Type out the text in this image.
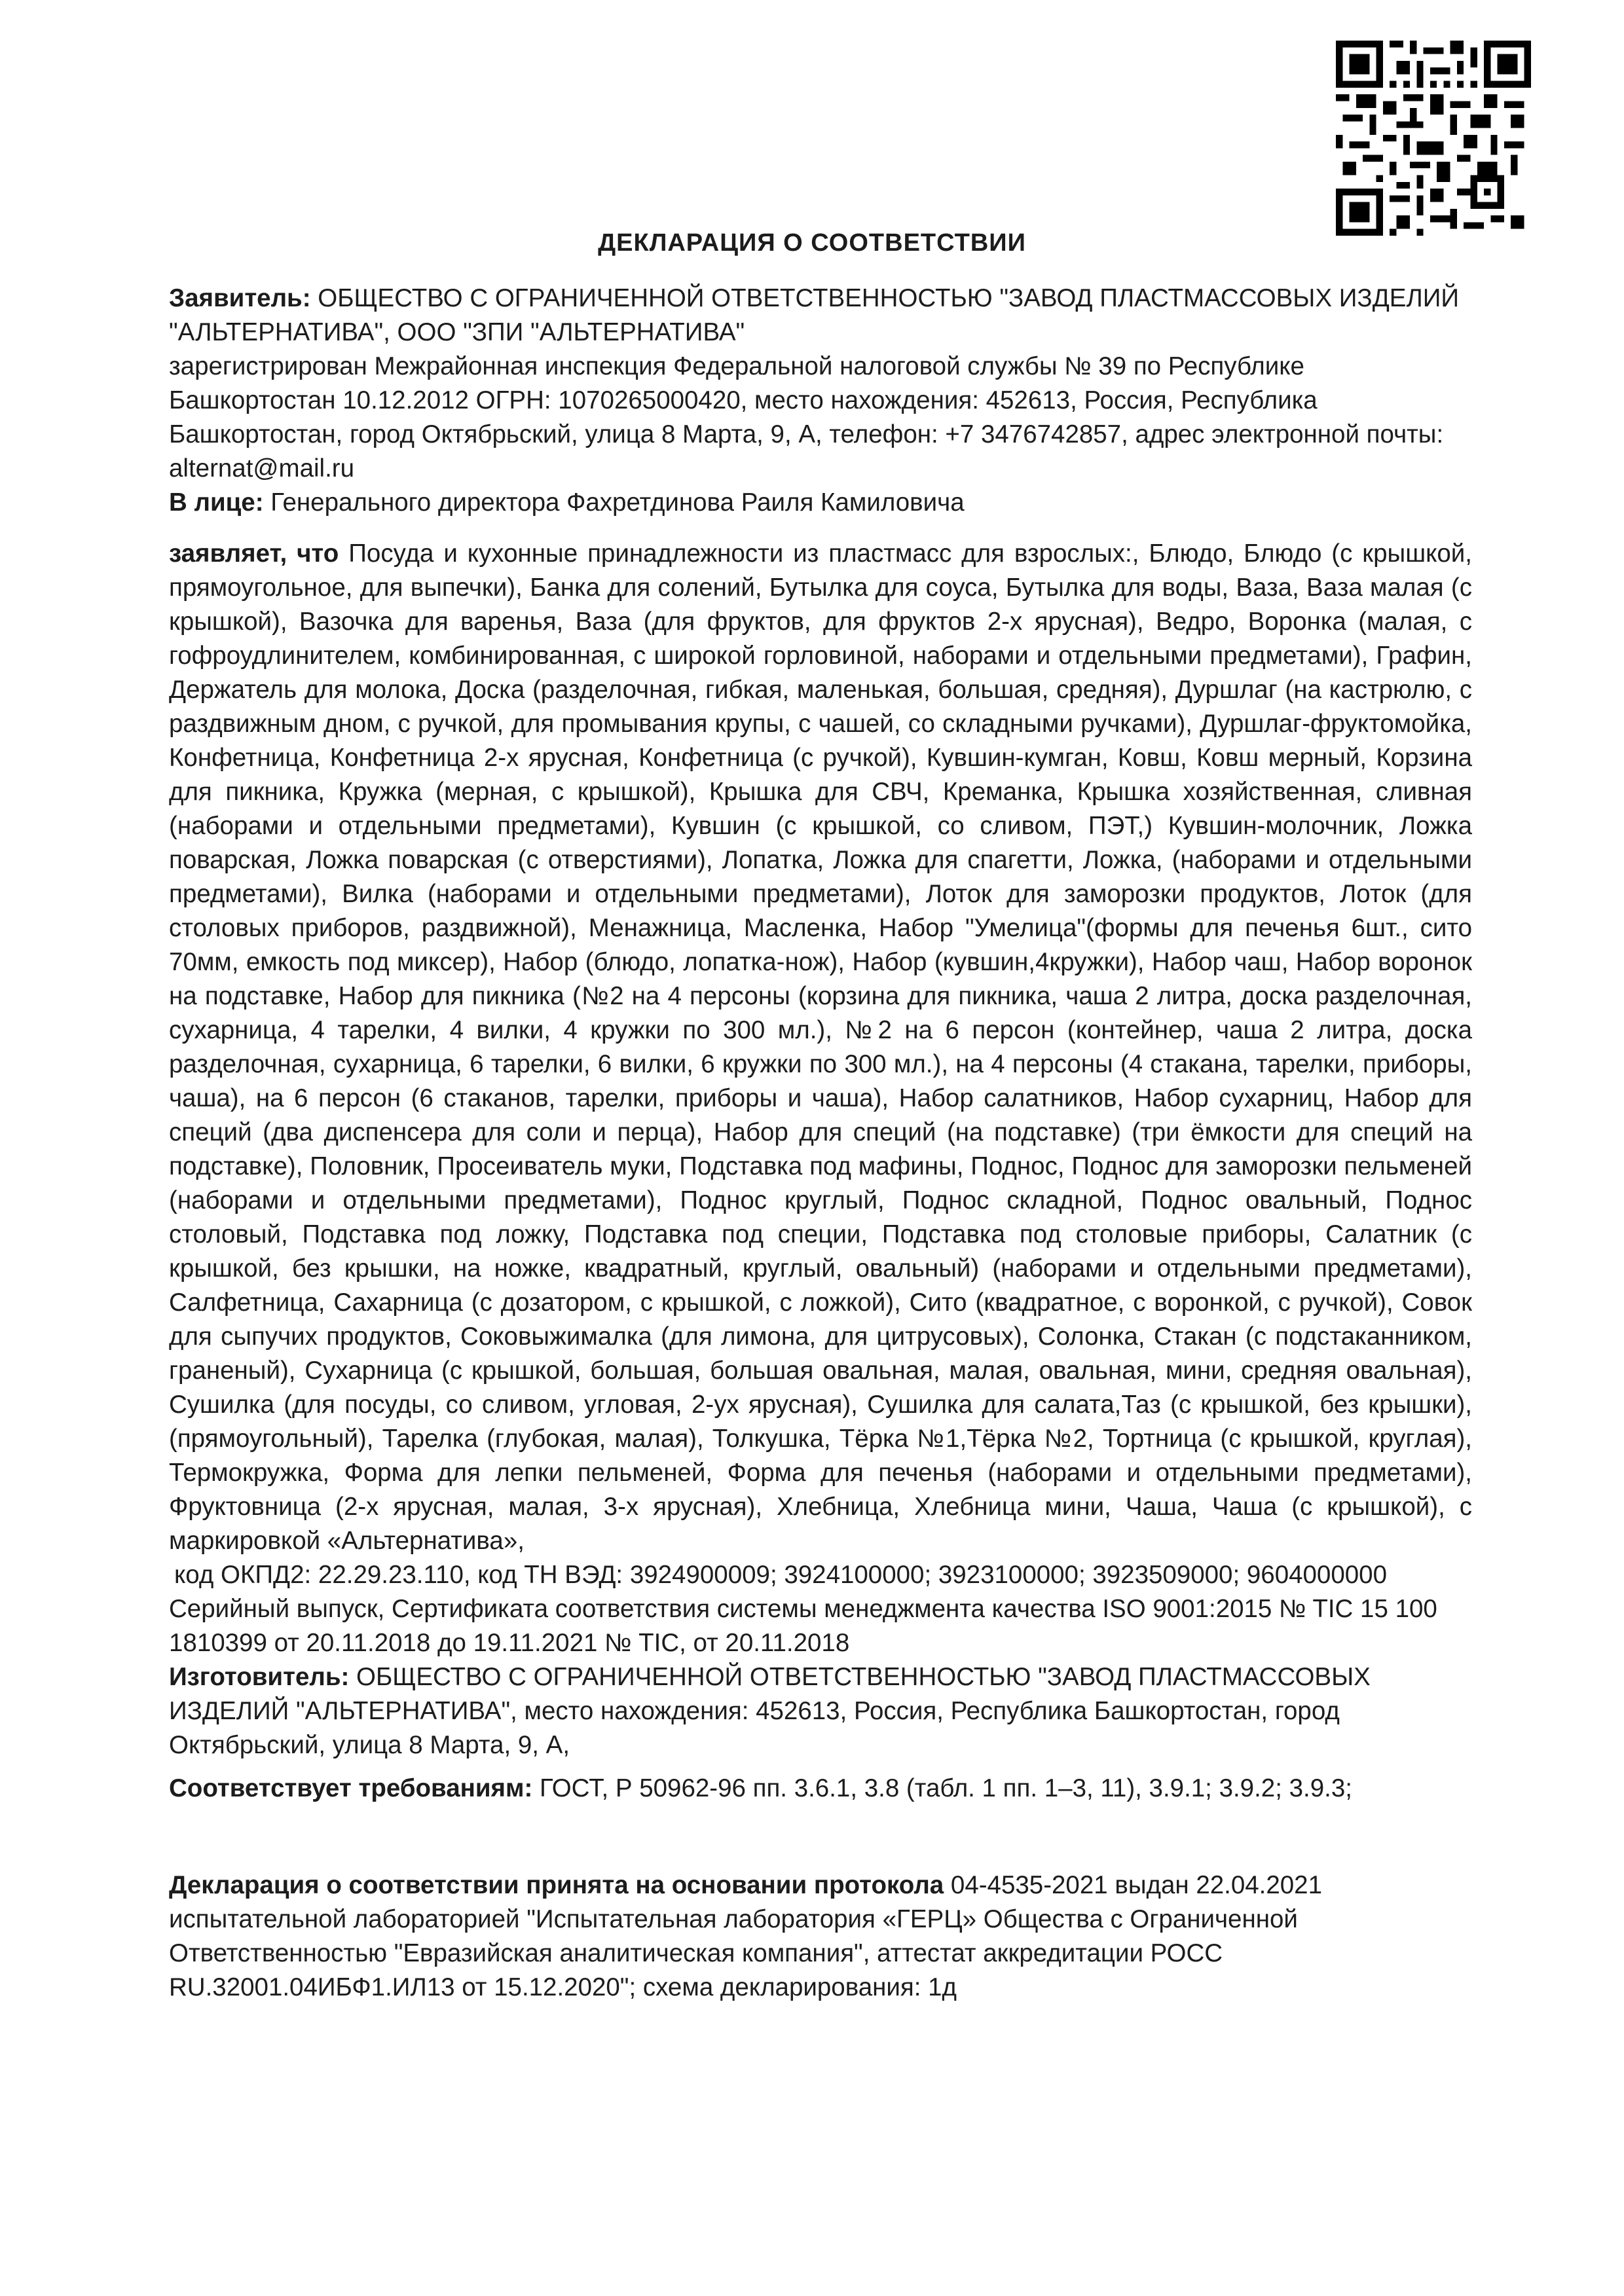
ДЕКЛАРАЦИЯ О СООТВЕТСТВИИ

Заявитель: ОБЩЕСТВО С ОГРАНИЧЕННОЙ ОТВЕТСТВЕННОСТЬЮ "ЗАВОД ПЛАСТМАССОВЫХ ИЗДЕЛИЙ "АЛЬТЕРНАТИВА", ООО "ЗПИ "АЛЬТЕРНАТИВА"

зарегистрирован Межрайонная инспекция Федеральной налоговой службы № 39 по Республике Башкортостан 10.12.2012 ОГРН: 1070265000420, место нахождения: 452613, Россия, Республика Башкортостан, город Октябрьский, улица 8 Марта, 9, А, телефон: +7 3476742857, адрес электронной почты: alternat@mail.ru

В лице: Генерального директора Фахретдинова Раиля Камиловича

заявляет, что Посуда и кухонные принадлежности из пластмасс для взрослых:, Блюдо, Блюдо (с крышкой, прямоугольное, для выпечки), Банка для солений, Бутылка для соуса, Бутылка для воды, Ваза, Ваза малая (с крышкой), Вазочка для варенья, Ваза (для фруктов, для фруктов 2-х ярусная), Ведро, Воронка (малая, с гофроудлинителем, комбинированная, с широкой горловиной, наборами и отдельными предметами), Графин, Держатель для молока, Доска (разделочная, гибкая, маленькая, большая, средняя), Дуршлаг (на кастрюлю, с раздвижным дном, с ручкой, для промывания крупы, с чашей, со складными ручками), Дуршлаг-фруктомойка, Конфетница, Конфетница 2-х ярусная, Конфетница (с ручкой), Кувшин-кумган, Ковш, Ковш мерный, Корзина для пикника, Кружка (мерная, с крышкой), Крышка для СВЧ, Креманка, Крышка хозяйственная, сливная (наборами и отдельными предметами), Кувшин (с крышкой, со сливом, ПЭТ,) Кувшин-молочник, Ложка поварская, Ложка поварская (с отверстиями), Лопатка, Ложка для спагетти, Ложка, (наборами и отдельными предметами), Вилка (наборами и отдельными предметами), Лоток для заморозки продуктов, Лоток (для столовых приборов, раздвижной), Менажница, Масленка, Набор "Умелица"(формы для печенья 6шт., сито 70мм, емкость под миксер), Набор (блюдо, лопатка-нож), Набор (кувшин,4кружки), Набор чаш, Набор воронок на подставке, Набор для пикника (№2 на 4 персоны (корзина для пикника, чаша 2 литра, доска разделочная, сухарница, 4 тарелки, 4 вилки, 4 кружки по 300 мл.), №2 на 6 персон (контейнер, чаша 2 литра, доска разделочная, сухарница, 6 тарелки, 6 вилки, 6 кружки по 300 мл.), на 4 персоны (4 стакана, тарелки, приборы, чаша), на 6 персон (6 стаканов, тарелки, приборы и чаша), Набор салатников, Набор сухарниц, Набор для специй (два диспенсера для соли и перца), Набор для специй (на подставке) (три ёмкости для специй на подставке), Половник, Просеиватель муки, Подставка под мафины, Поднос, Поднос для заморозки пельменей (наборами и отдельными предметами), Поднос круглый, Поднос складной, Поднос овальный, Поднос столовый, Подставка под ложку, Подставка под специи, Подставка под столовые приборы, Салатник (с крышкой, без крышки, на ножке, квадратный, круглый, овальный) (наборами и отдельными предметами), Салфетница, Сахарница (с дозатором, с крышкой, с ложкой), Сито (квадратное, с воронкой, с ручкой), Совок для сыпучих продуктов, Соковыжималка (для лимона, для цитрусовых), Солонка, Стакан (с подстаканником, граненый), Сухарница (с крышкой, большая, большая овальная, малая, овальная, мини, средняя овальная), Сушилка (для посуды, со сливом, угловая, 2-ух ярусная), Сушилка для салата,Таз (с крышкой, без крышки), (прямоугольный), Тарелка (глубокая, малая), Толкушка, Тёрка №1,Тёрка №2, Тортница (с крышкой, круглая), Термокружка, Форма для лепки пельменей, Форма для печенья (наборами и отдельными предметами), Фруктовница (2-х ярусная, малая, 3-х ярусная), Хлебница, Хлебница мини, Чаша, Чаша (с крышкой), с маркировкой «Альтернатива»,

код ОКПД2: 22.29.23.110, код ТН ВЭД: 3924900009; 3924100000; 3923100000; 3923509000; 9604000000

Серийный выпуск, Сертификата соответствия системы менеджмента качества ISO 9001:2015 № TIC 15 100 1810399 от 20.11.2018 до 19.11.2021 № TIC, от 20.11.2018

Изготовитель: ОБЩЕСТВО С ОГРАНИЧЕННОЙ ОТВЕТСТВЕННОСТЬЮ "ЗАВОД ПЛАСТМАССОВЫХ ИЗДЕЛИЙ "АЛЬТЕРНАТИВА", место нахождения: 452613, Россия, Республика Башкортостан, город Октябрьский, улица 8 Марта, 9, А,

Соответствует требованиям: ГОСТ, Р 50962-96 пп. 3.6.1, 3.8 (табл. 1 пп. 1–3, 11), 3.9.1; 3.9.2; 3.9.3;

Декларация о соответствии принята на основании протокола 04-4535-2021 выдан 22.04.2021 испытательной лабораторией "Испытательная лаборатория «ГЕРЦ» Общества с Ограниченной Ответственностью "Евразийская аналитическая компания", аттестат аккредитации РОСС RU.32001.04ИБФ1.ИЛ13 от 15.12.2020"; схема декларирования: 1д
